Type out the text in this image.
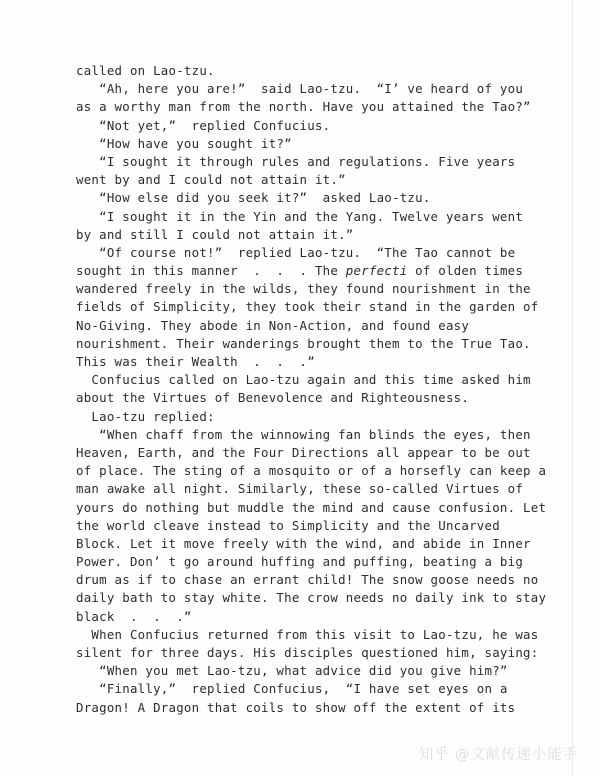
called on Lao-tzu.
“Ah, here you are!”  said Lao-tzu.  “I’ ve heard of you
as a worthy man from the north. Have you attained the Tao?”
“Not yet,”  replied Confucius.
“How have you sought it?”
“I sought it through rules and regulations. Five years
went by and I could not attain it.”
“How else did you seek it?”  asked Lao-tzu.
“I sought it in the Yin and the Yang. Twelve years went
by and still I could not attain it.”
“Of course not!”  replied Lao-tzu.  “The Tao cannot be
sought in this manner  .  .  . The perfecti of olden times
wandered freely in the wilds, they found nourishment in the
fields of Simplicity, they took their stand in the garden of
No-Giving. They abode in Non-Action, and found easy
nourishment. Their wanderings brought them to the True Tao.
This was their Wealth  .  .  .”
Confucius called on Lao-tzu again and this time asked him
about the Virtues of Benevolence and Righteousness.
Lao-tzu replied:
“When chaff from the winnowing fan blinds the eyes, then
Heaven, Earth, and the Four Directions all appear to be out
of place. The sting of a mosquito or of a horsefly can keep a
man awake all night. Similarly, these so-called Virtues of
yours do nothing but muddle the mind and cause confusion. Let
the world cleave instead to Simplicity and the Uncarved
Block. Let it move freely with the wind, and abide in Inner
Power. Don’ t go around huffing and puffing, beating a big
drum as if to chase an errant child! The snow goose needs no
daily bath to stay white. The crow needs no daily ink to stay
black  .  .  .”
When Confucius returned from this visit to Lao-tzu, he was
silent for three days. His disciples questioned him, saying:
“When you met Lao-tzu, what advice did you give him?”
“Finally,”  replied Confucius,  “I have set eyes on a
Dragon! A Dragon that coils to show off the extent of its
知乎 @文献传递小能手
